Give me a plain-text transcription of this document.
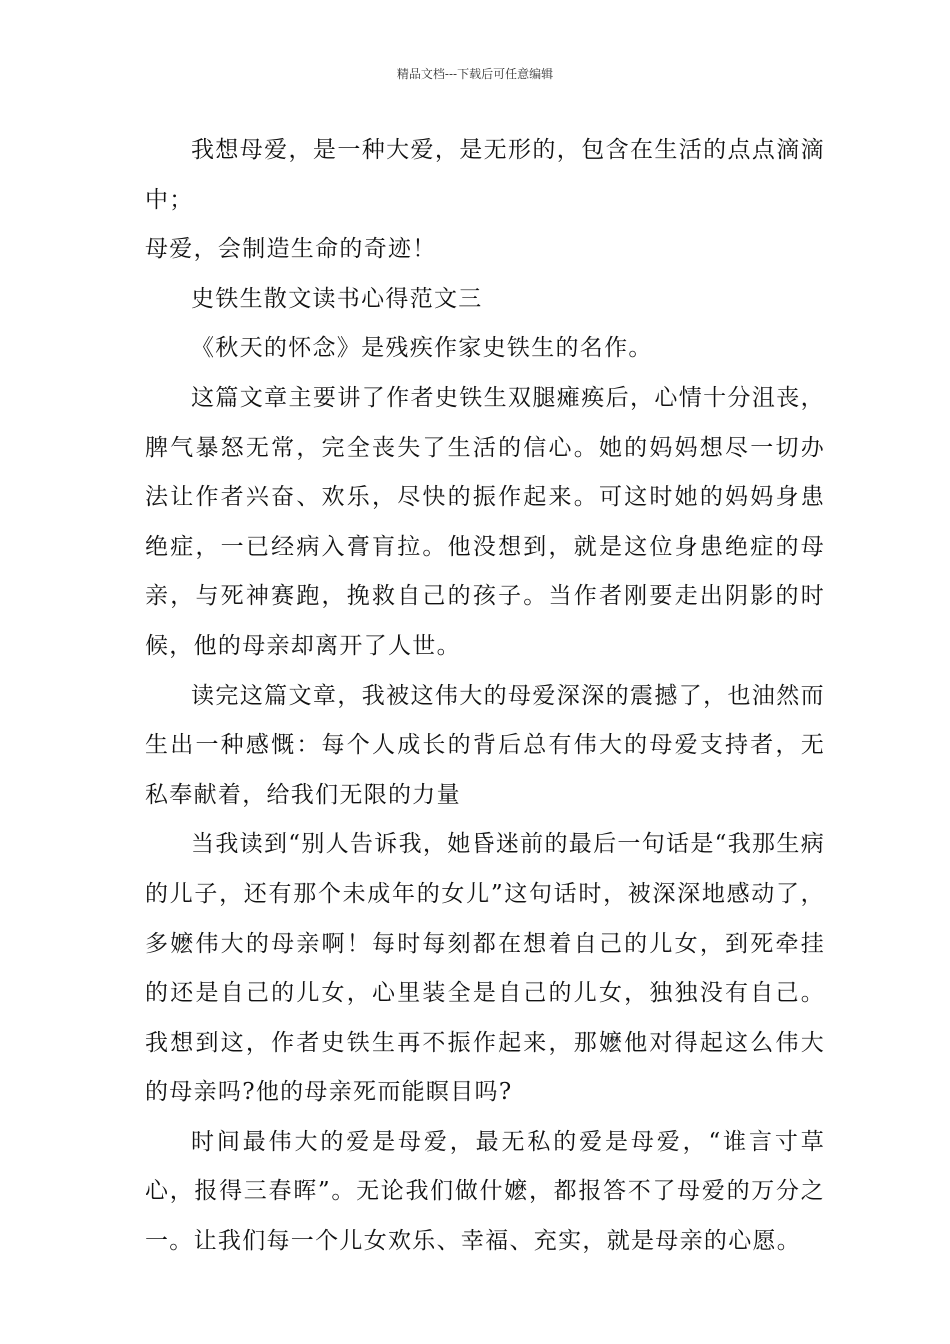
精品文档---下载后可任意编辑

我想母爱，是一种大爱，是无形的，包含在生活的点点滴滴中；

母爱，会制造生命的奇迹！

史铁生散文读书心得范文三

《秋天的怀念》是残疾作家史铁生的名作。

这篇文章主要讲了作者史铁生双腿瘫痪后，心情十分沮丧，脾气暴怒无常，完全丧失了生活的信心。她的妈妈想尽一切办法让作者兴奋、欢乐，尽快的振作起来。可这时她的妈妈身患绝症，一已经病入膏肓拉。他没想到，就是这位身患绝症的母亲，与死神赛跑，挽救自己的孩子。当作者刚要走出阴影的时候，他的母亲却离开了人世。

读完这篇文章，我被这伟大的母爱深深的震撼了，也油然而生出一种感慨：每个人成长的背后总有伟大的母爱支持者，无私奉献着，给我们无限的力量

当我读到“别人告诉我，她昏迷前的最后一句话是“我那生病的儿子，还有那个未成年的女儿”这句话时，被深深地感动了，多嬷伟大的母亲啊！每时每刻都在想着自己的儿女，到死牵挂的还是自己的儿女，心里装全是自己的儿女，独独没有自己。我想到这，作者史铁生再不振作起来，那嬷他对得起这么伟大的母亲吗?他的母亲死而能瞑目吗?

时间最伟大的爱是母爱，最无私的爱是母爱，“谁言寸草心，报得三春晖”。无论我们做什嬷，都报答不了母爱的万分之一。让我们每一个儿女欢乐、幸福、充实，就是母亲的心愿。
